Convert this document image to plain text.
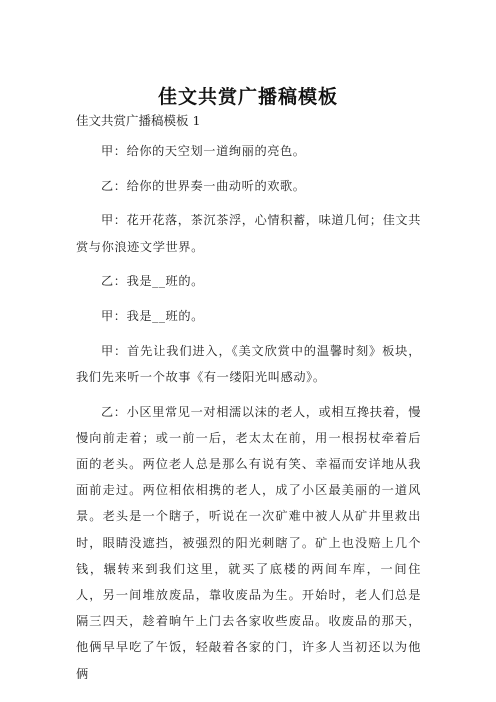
佳文共赏广播稿模板
佳文共赏广播稿模板 1

甲：给你的天空划一道绚丽的亮色。

乙：给你的世界奏一曲动听的欢歌。

甲：花开花落，茶沉茶浮，心情积蓄，味道几何；佳文共赏与你浪迹文学世界。

乙：我是__班的。

甲：我是__班的。

甲：首先让我们进入，《美文欣赏中的温馨时刻》板块，我们先来听一个故事《有一缕阳光叫感动》。

乙：小区里常见一对相濡以沫的老人，或相互搀扶着，慢慢向前走着；或一前一后，老太太在前，用一根拐杖牵着后面的老头。两位老人总是那么有说有笑、幸福而安详地从我面前走过。两位相依相携的老人，成了小区最美丽的一道风景。老头是一个瞎子，听说在一次矿难中被人从矿井里救出时，眼睛没遮挡，被强烈的阳光刺瞎了。矿上也没赔上几个钱，辗转来到我们这里，就买了底楼的两间车库，一间住人，另一间堆放废品，靠收废品为生。开始时，老人们总是隔三四天，趁着晌午上门去各家收些废品。收废品的那天，他俩早早吃了午饭，轻敲着各家的门，许多人当初还以为他俩
